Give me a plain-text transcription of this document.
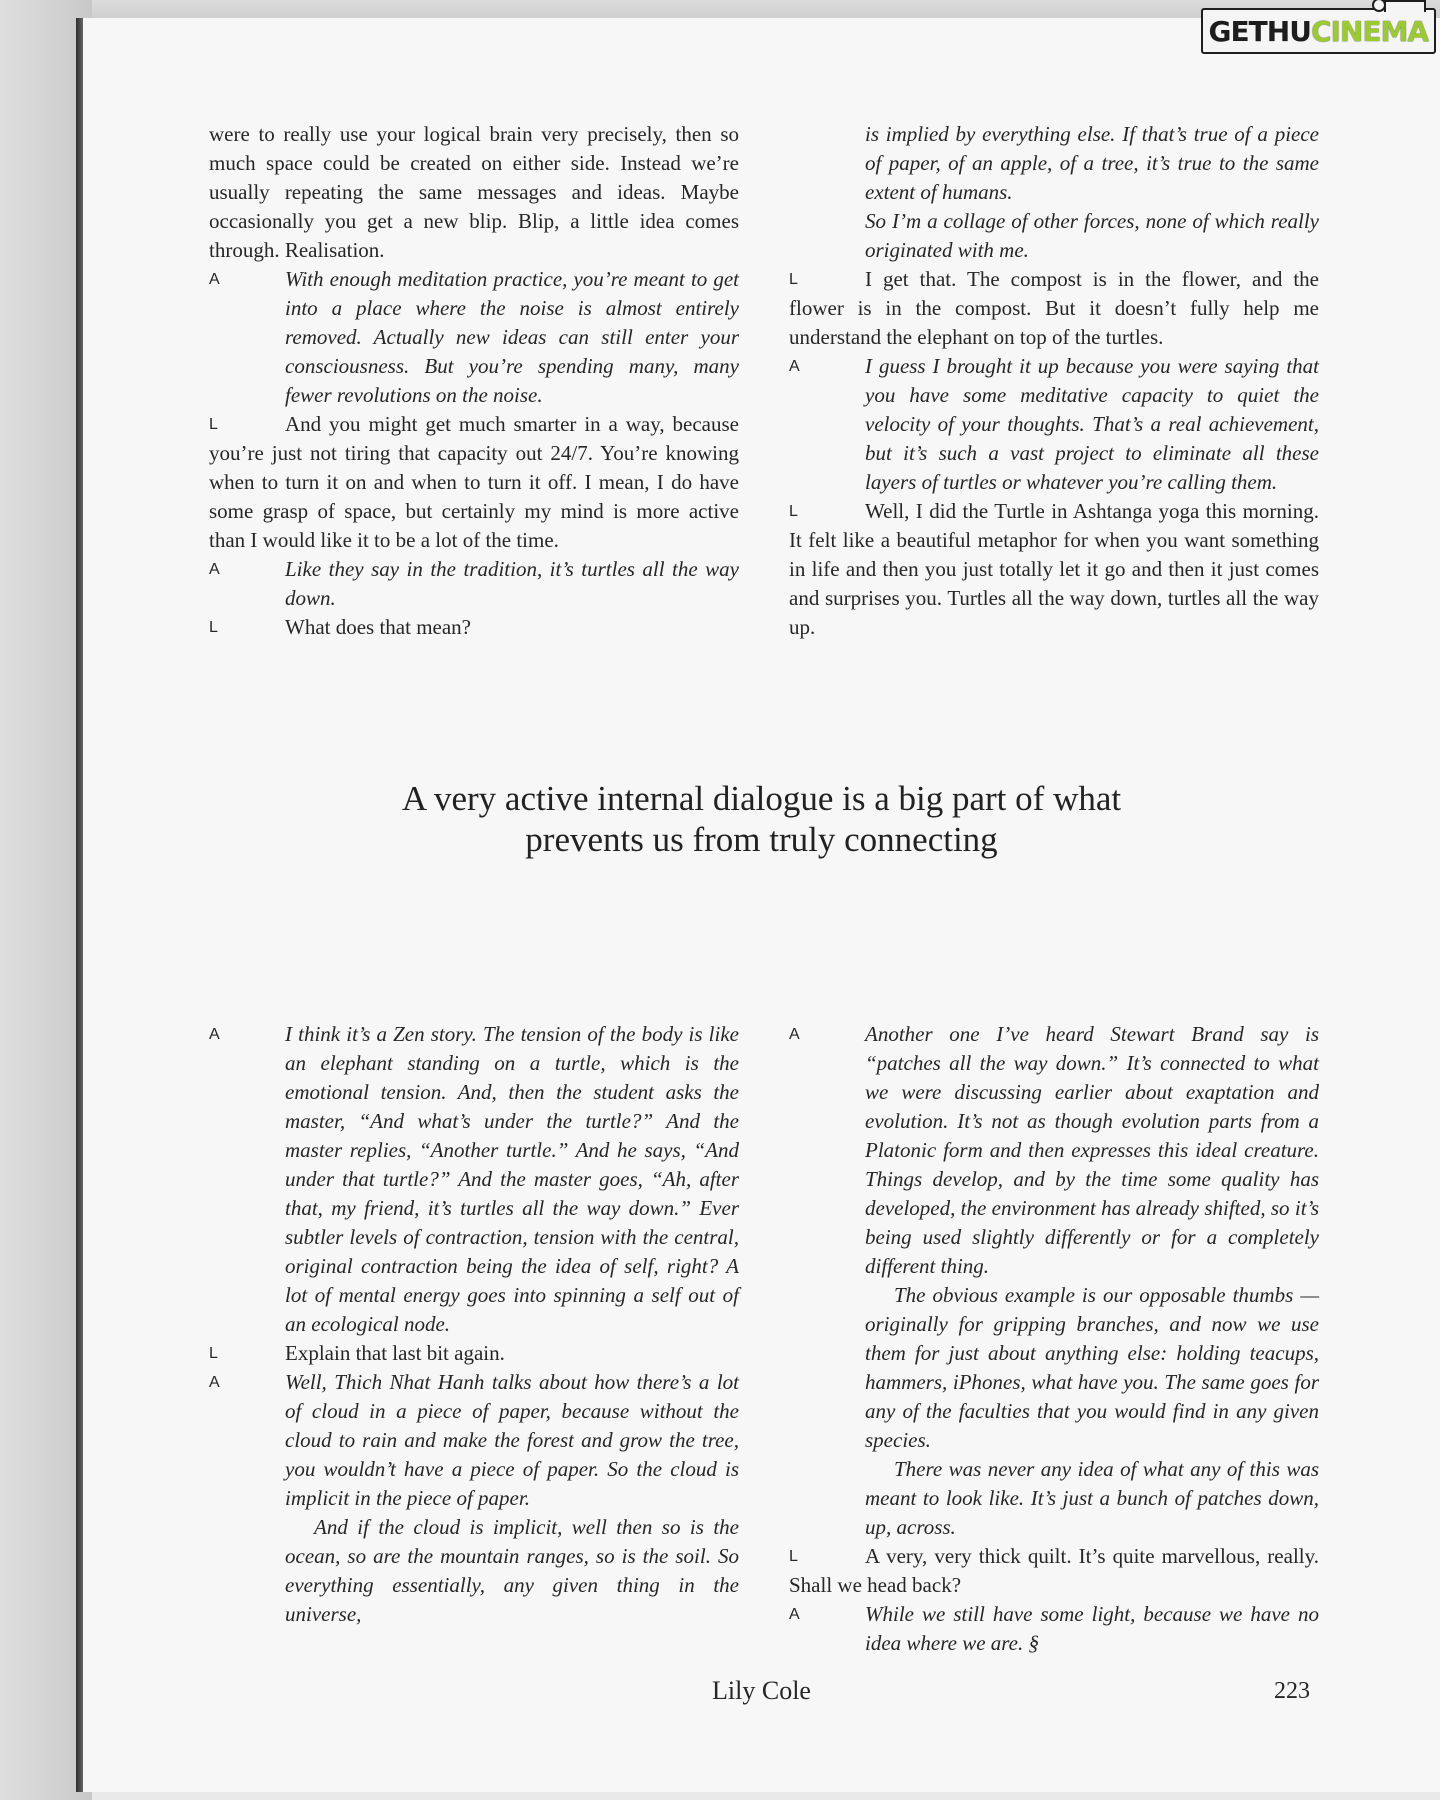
GETHU CINEMA

were to really use your logical brain very precisely, then so much space could be created on either side. Instead we’re usually repeating the same messages and ideas. Maybe occasionally you get a new blip. Blip, a little idea comes through. Realisation.

A	With enough meditation practice, you’re meant to get into a place where the noise is almost entirely removed. Actually new ideas can still enter your consciousness. But you’re spending many, many fewer revolutions on the noise.
L	And you might get much smarter in a way, because you’re just not tiring that capacity out 24/7. You’re knowing when to turn it on and when to turn it off. I mean, I do have some grasp of space, but certainly my mind is more active than I would like it to be a lot of the time.
A	Like they say in the tradition, it’s turtles all the way down.
L	What does that mean?

is implied by everything else. If that’s true of a piece of paper, of an apple, of a tree, it’s true to the same extent of humans.

So I’m a collage of other forces, none of which really originated with me.

L	I get that. The compost is in the flower, and the flower is in the compost. But it doesn’t fully help me understand the elephant on top of the turtles.
A	I guess I brought it up because you were saying that you have some meditative capacity to quiet the velocity of your thoughts. That’s a real achievement, but it’s such a vast project to eliminate all these layers of turtles or whatever you’re calling them.
L	Well, I did the Turtle in Ashtanga yoga this morning. It felt like a beautiful metaphor for when you want something in life and then you just totally let it go and then it just comes and surprises you. Turtles all the way down, turtles all the way up.
A very active internal dialogue is a big part of what
prevents us from truly connecting
A	I think it’s a Zen story. The tension of the body is like an elephant standing on a turtle, which is the emotional tension. And, then the student asks the master, “And what’s under the turtle?” And the master replies, “Another turtle.” And he says, “And under that turtle?” And the master goes, “Ah, after that, my friend, it’s turtles all the way down.” Ever subtler levels of contraction, tension with the central, original contraction being the idea of self, right? A lot of mental energy goes into spinning a self out of an ecological node.
L	Explain that last bit again.
A	Well, Thich Nhat Hanh talks about how there’s a lot of cloud in a piece of paper, because without the cloud to rain and make the forest and grow the tree, you wouldn’t have a piece of paper. So the cloud is implicit in the piece of paper.

And if the cloud is implicit, well then so is the ocean, so are the mountain ranges, so is the soil. So everything essentially, any given thing in the universe,

A	Another one I’ve heard Stewart Brand say is “patches all the way down.” It’s connected to what we were discussing earlier about exaptation and evolution. It’s not as though evolution parts from a Platonic form and then expresses this ideal creature. Things develop, and by the time some quality has developed, the environment has already shifted, so it’s being used slightly differently or for a completely different thing.

The obvious example is our opposable thumbs — originally for gripping branches, and now we use them for just about anything else: holding teacups, hammers, iPhones, what have you. The same goes for any of the faculties that you would find in any given species.

There was never any idea of what any of this was meant to look like. It’s just a bunch of patches down, up, across.

L	A very, very thick quilt. It’s quite marvellous, really. Shall we head back?
A	While we still have some light, because we have no idea where we are. §
Lily Cole	223
